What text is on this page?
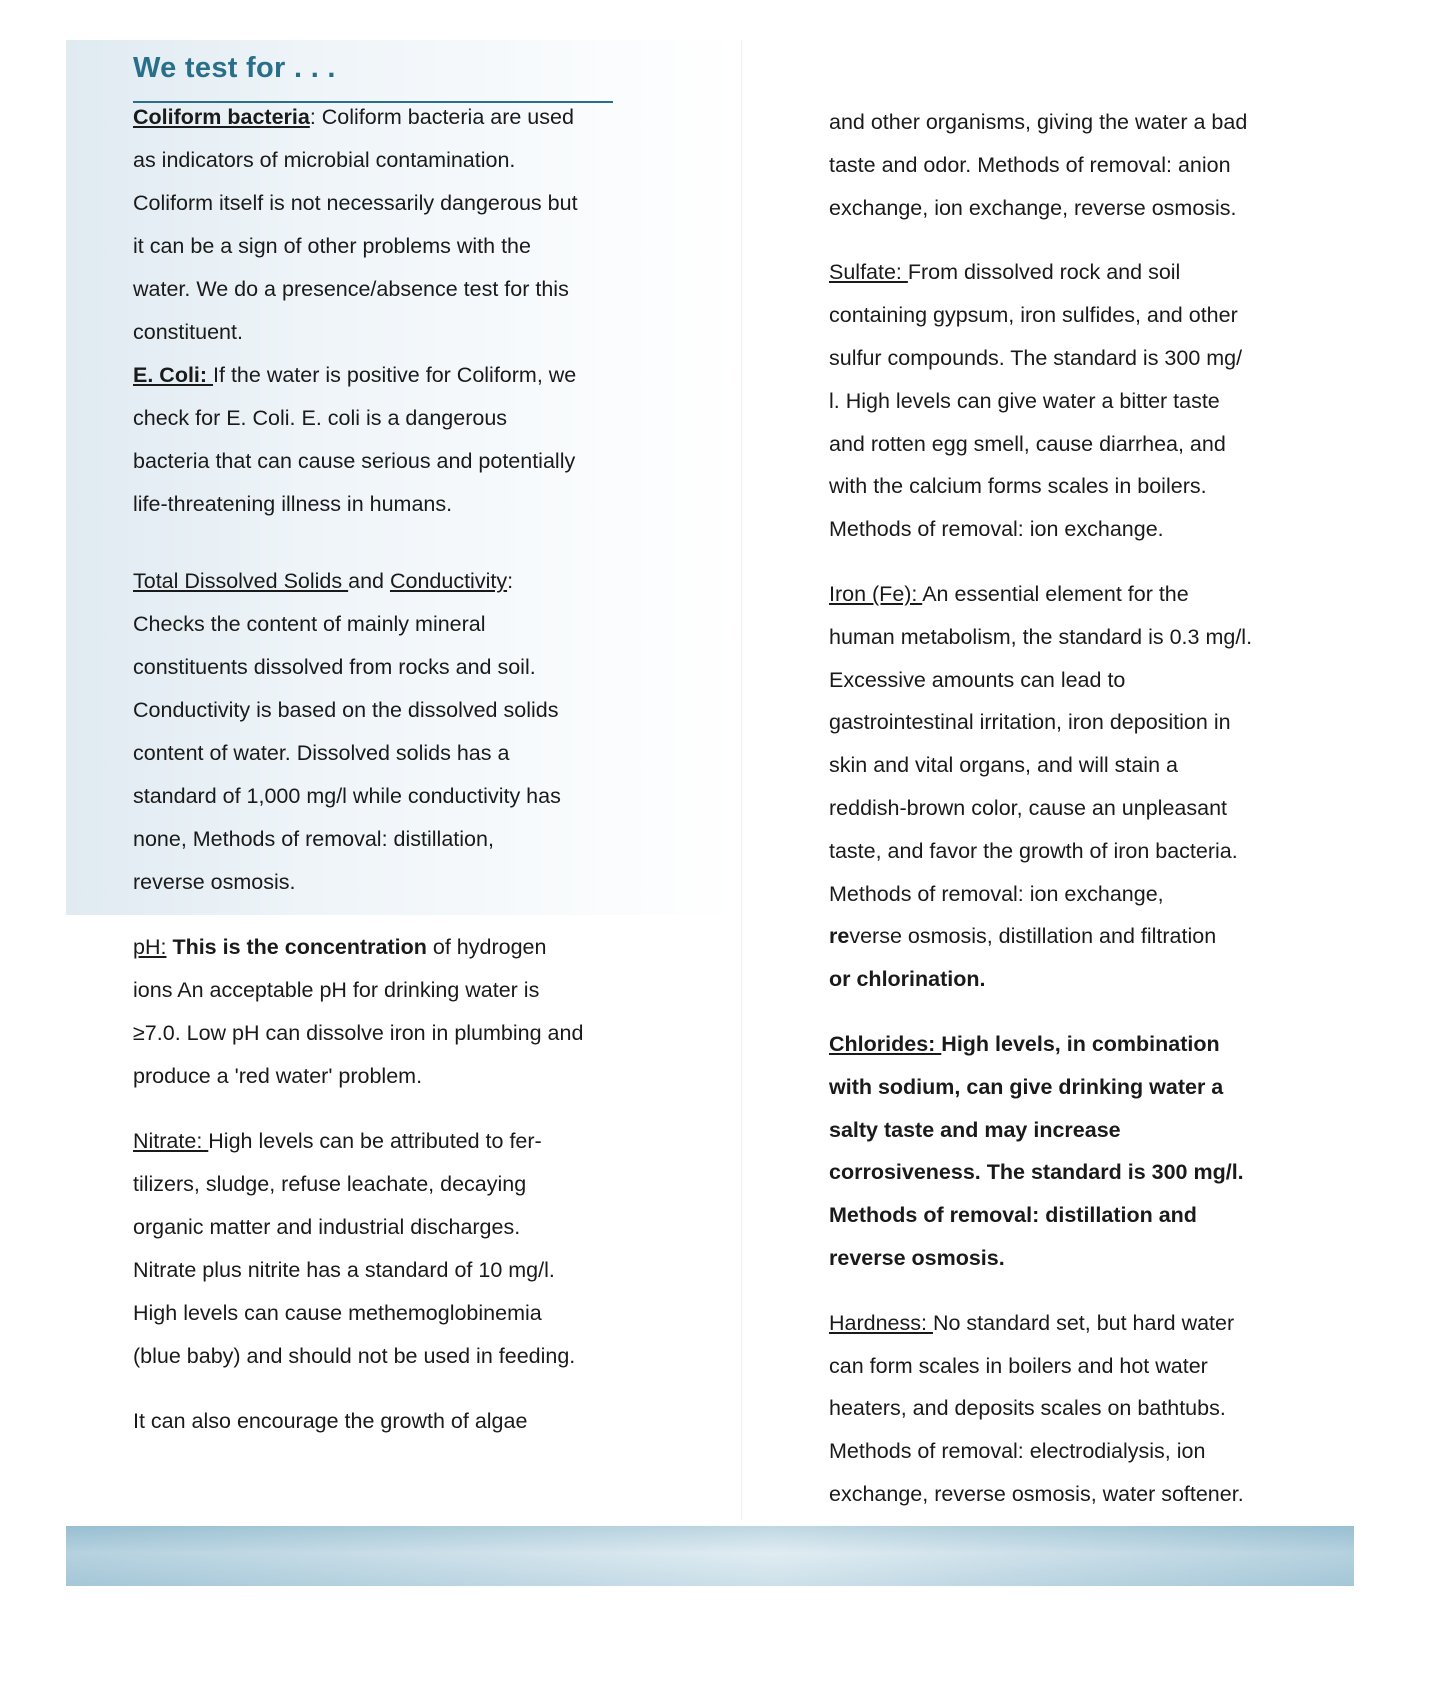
We test for . . .

Coliform bacteria: Coliform bacteria are used
as indicators of microbial contamination.
Coliform itself is not necessarily dangerous but
it can be a sign of other problems with the
water. We do a presence/absence test for this
constituent.

E. Coli: If the water is positive for Coliform, we
check for E. Coli. E. coli is a dangerous
bacteria that can cause serious and potentially
life-threatening illness in humans.

Total Dissolved Solids and Conductivity:
Checks the content of mainly mineral
constituents dissolved from rocks and soil.
Conductivity is based on the dissolved solids
content of water. Dissolved solids has a
standard of 1,000 mg/l while conductivity has
none, Methods of removal: distillation,
reverse osmosis.

pH: This is the concentration of hydrogen
ions An acceptable pH for drinking water is
≥7.0. Low pH can dissolve iron in plumbing and
produce a 'red water' problem.

Nitrate: High levels can be attributed to fer-
tilizers, sludge, refuse leachate, decaying
organic matter and industrial discharges.
Nitrate plus nitrite has a standard of 10 mg/l.
High levels can cause methemoglobinemia
(blue baby) and should not be used in feeding.

It can also encourage the growth of algae

and other organisms, giving the water a bad
taste and odor. Methods of removal: anion
exchange, ion exchange, reverse osmosis.

Sulfate: From dissolved rock and soil
containing gypsum, iron sulfides, and other
sulfur compounds. The standard is 300 mg/
l. High levels can give water a bitter taste
and rotten egg smell, cause diarrhea, and
with the calcium forms scales in boilers.
Methods of removal: ion exchange.

Iron (Fe): An essential element for the
human metabolism, the standard is 0.3 mg/l.
Excessive amounts can lead to
gastrointestinal irritation, iron deposition in
skin and vital organs, and will stain a
reddish-brown color, cause an unpleasant
taste, and favor the growth of iron bacteria.
Methods of removal: ion exchange,
reverse osmosis, distillation and filtration
or chlorination.

Chlorides: High levels, in combination
with sodium, can give drinking water a
salty taste and may increase
corrosiveness. The standard is 300 mg/l.
Methods of removal: distillation and
reverse osmosis.

Hardness: No standard set, but hard water
can form scales in boilers and hot water
heaters, and deposits scales on bathtubs.
Methods of removal: electrodialysis, ion
exchange, reverse osmosis, water softener.
